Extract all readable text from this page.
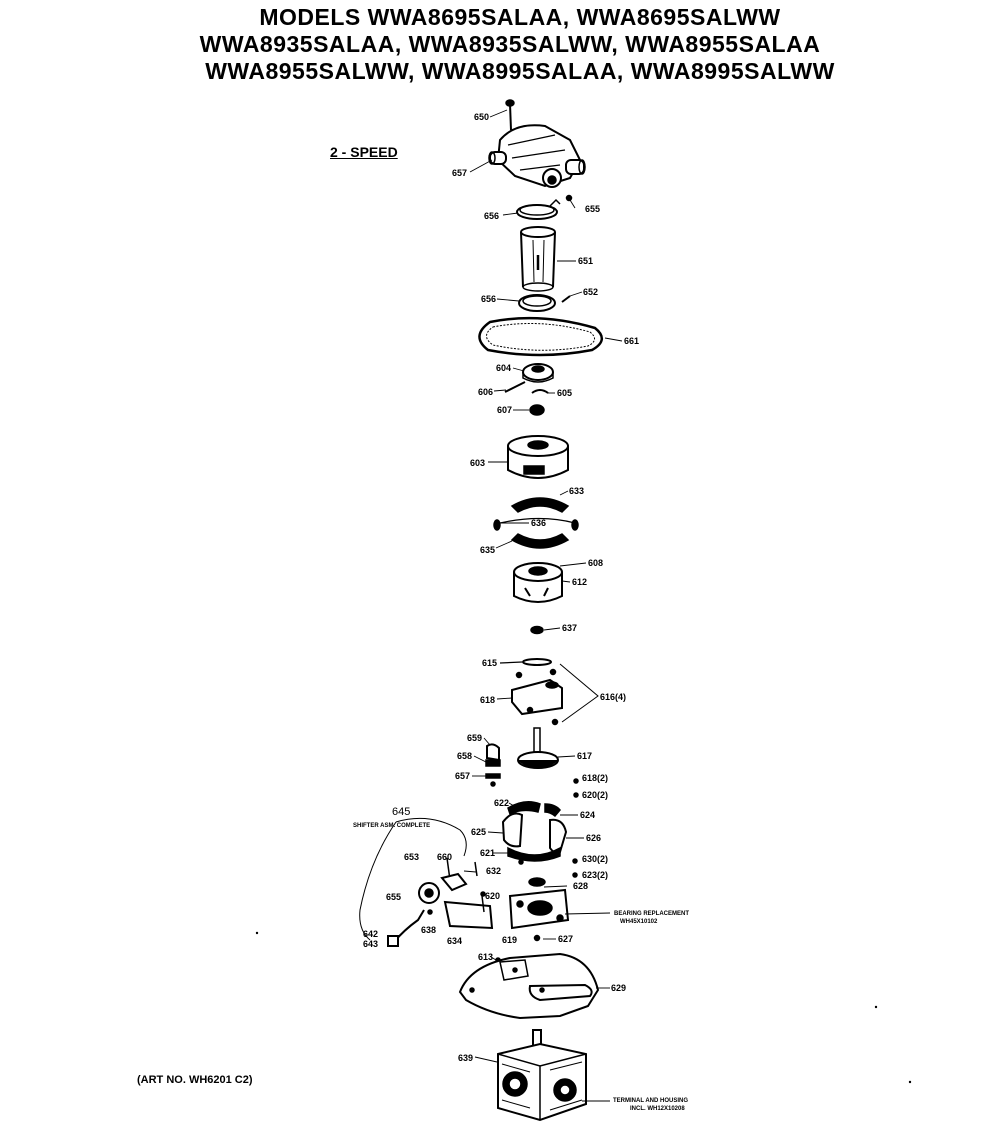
MODELS WWA8695SALAA, WWA8695SALWW
WWA8935SALAA, WWA8935SALWW, WWA8955SALAA
WWA8955SALWW, WWA8995SALAA, WWA8995SALWW
2 - SPEED
(ART NO. WH6201 C2)
650
657
655
656
651
656
652
661
604
606	605
607
603
633
636
635
608
612
637
615
616(4)
618
659
617
658
657	618(2)
620(2)
622
624
625
626
621
630(2)
632	623(2)
628
653 660
655	620
638
634
642
643	619	627
613
629
639
645
SHIFTER ASM. COMPLETE
BEARING REPLACEMENT
WH45X10102
TERMINAL AND HOUSING
INCL. WH12X10208
